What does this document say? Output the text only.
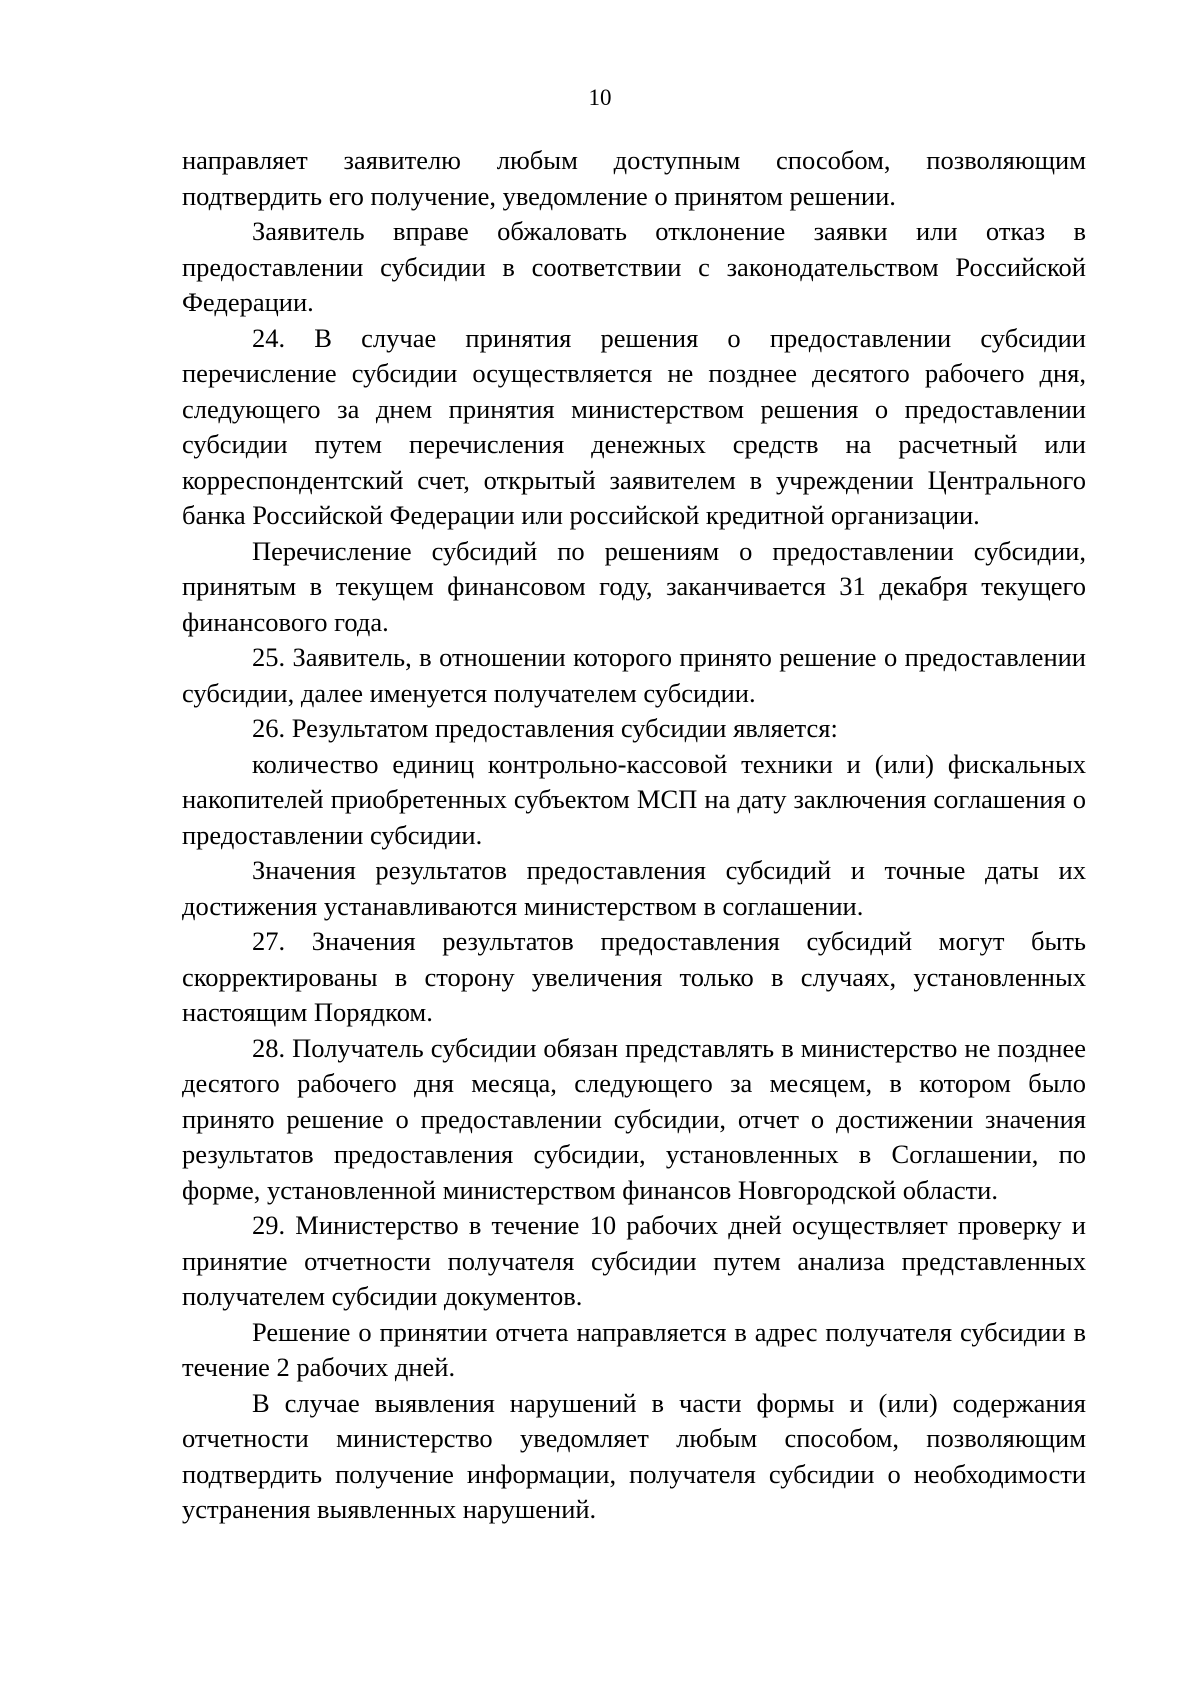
10

направляет заявителю любым доступным способом, позволяющим подтвердить его получение, уведомление о принятом решении.

Заявитель вправе обжаловать отклонение заявки или отказ в предоставлении субсидии в соответствии с законодательством Российской Федерации.

24. В случае принятия решения о предоставлении субсидии перечисление субсидии осуществляется не позднее десятого рабочего дня, следующего за днем принятия министерством решения о предоставлении субсидии путем перечисления денежных средств на расчетный или корреспондентский счет, открытый заявителем в учреждении Центрального банка Российской Федерации или российской кредитной организации.

Перечисление субсидий по решениям о предоставлении субсидии, принятым в текущем финансовом году, заканчивается 31 декабря текущего финансового года.

25. Заявитель, в отношении которого принято решение о предоставлении субсидии, далее именуется получателем субсидии.

26. Результатом предоставления субсидии является:

количество единиц контрольно-кассовой техники и (или) фискальных накопителей приобретенных субъектом МСП на дату заключения соглашения о предоставлении субсидии.

Значения результатов предоставления субсидий и точные даты их достижения устанавливаются министерством в соглашении.

27. Значения результатов предоставления субсидий могут быть скорректированы в сторону увеличения только в случаях, установленных настоящим Порядком.

28. Получатель субсидии обязан представлять в министерство не позднее десятого рабочего дня месяца, следующего за месяцем, в котором было принято решение о предоставлении субсидии, отчет о достижении значения результатов предоставления субсидии, установленных в Соглашении, по форме, установленной министерством финансов Новгородской области.

29. Министерство в течение 10 рабочих дней осуществляет проверку и принятие отчетности получателя субсидии путем анализа представленных получателем субсидии документов.

Решение о принятии отчета направляется в адрес получателя субсидии в течение 2 рабочих дней.

В случае выявления нарушений в части формы и (или) содержания отчетности министерство уведомляет любым способом, позволяющим подтвердить получение информации, получателя субсидии о необходимости устранения выявленных нарушений.
